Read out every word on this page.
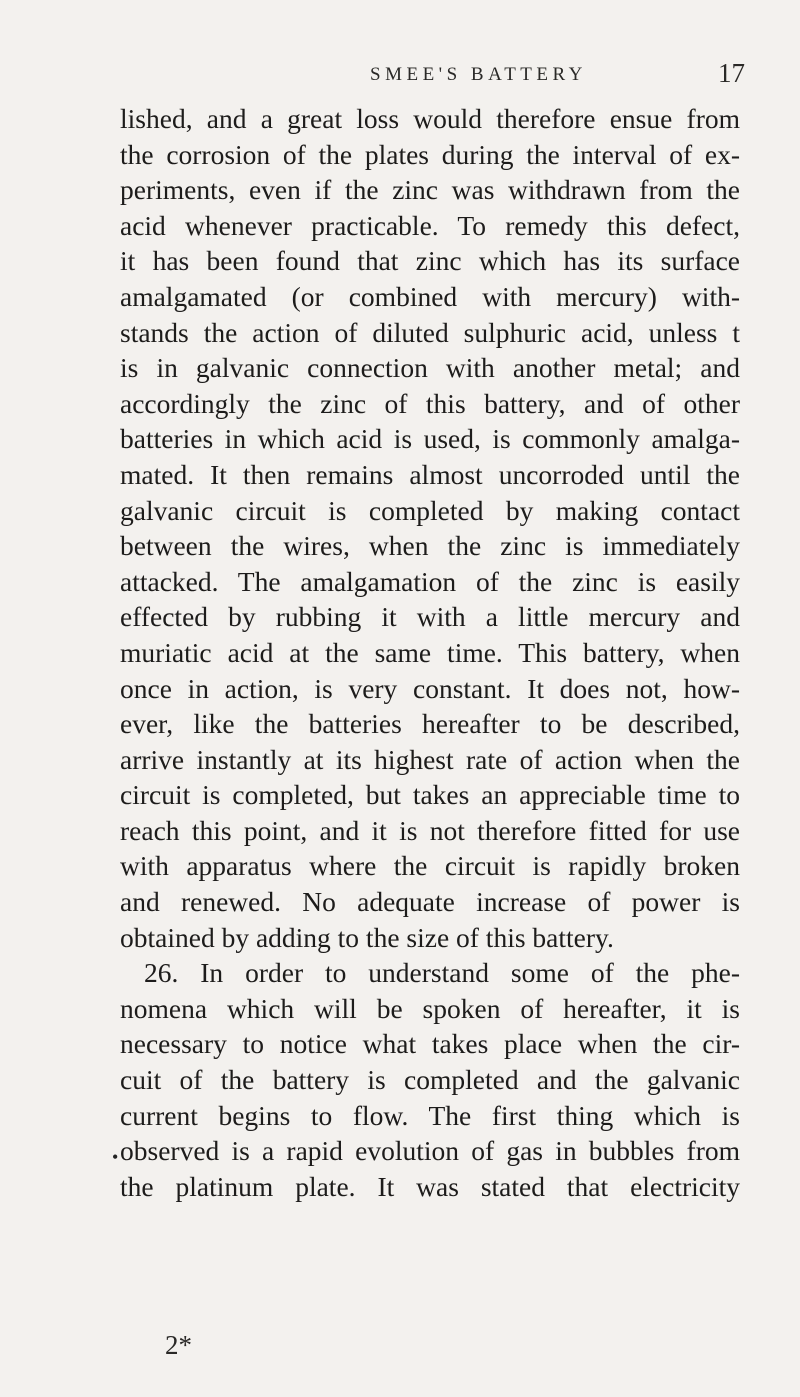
SMEE'S BATTERY	17
lished, and a great loss would therefore ensue from
the corrosion of the plates during the interval of ex-
periments, even if the zinc was withdrawn from the
acid whenever practicable. To remedy this defect,
it has been found that zinc which has its surface
amalgamated (or combined with mercury) with-
stands the action of diluted sulphuric acid, unless t
is in galvanic connection with another metal; and
accordingly the zinc of this battery, and of other
batteries in which acid is used, is commonly amalga-
mated. It then remains almost uncorroded until the
galvanic circuit is completed by making contact
between the wires, when the zinc is immediately
attacked. The amalgamation of the zinc is easily
effected by rubbing it with a little mercury and
muriatic acid at the same time. This battery, when
once in action, is very constant. It does not, how-
ever, like the batteries hereafter to be described,
arrive instantly at its highest rate of action when the
circuit is completed, but takes an appreciable time to
reach this point, and it is not therefore fitted for use
with apparatus where the circuit is rapidly broken
and renewed. No adequate increase of power is
obtained by adding to the size of this battery.
26. In order to understand some of the phe-
nomena which will be spoken of hereafter, it is
necessary to notice what takes place when the cir-
cuit of the battery is completed and the galvanic
current begins to flow. The first thing which is
observed is a rapid evolution of gas in bubbles from
the platinum plate. It was stated that electricity
•
2*
